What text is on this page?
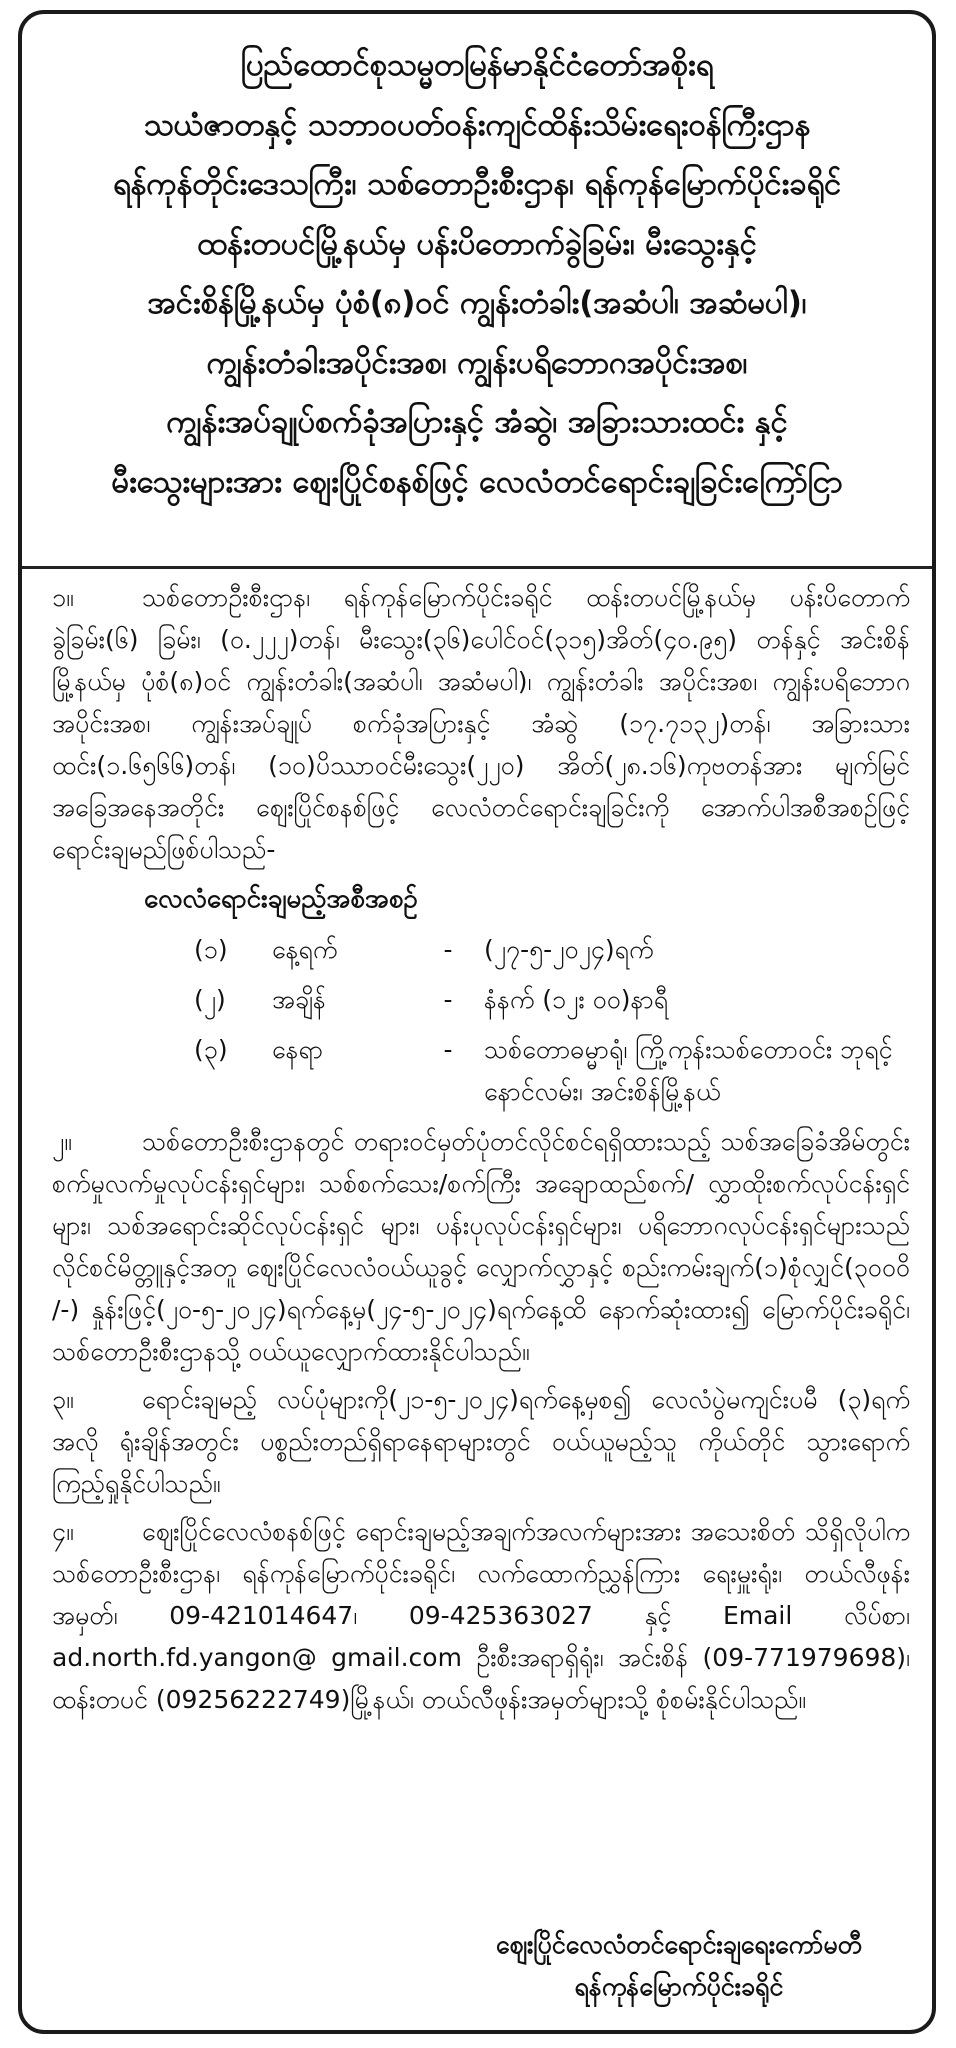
ပြည်ထောင်စုသမ္မတမြန်မာနိုင်ငံတော်အစိုးရ
သယံဇာတနှင့် သဘာဝပတ်ဝန်းကျင်ထိန်းသိမ်းရေးဝန်ကြီးဌာန
ရန်ကုန်တိုင်းဒေသကြီး၊ သစ်တောဦးစီးဌာန၊ ရန်ကုန်မြောက်ပိုင်းခရိုင်
ထန်းတပင်မြို့နယ်မှ ပန်းပိတောက်ခွဲခြမ်း၊ မီးသွေးနှင့်
အင်းစိန်မြို့နယ်မှ ပုံစံ(၈)ဝင် ကျွန်းတံခါး(အဆံပါ၊ အဆံမပါ)၊
ကျွန်းတံခါးအပိုင်းအစ၊ ကျွန်းပရိဘောဂအပိုင်းအစ၊
ကျွန်းအပ်ချုပ်စက်ခုံအပြားနှင့် အံဆွဲ၊ အခြားသားထင်း နှင့်
မီးသွေးများအား ဈေးပြိုင်စနစ်ဖြင့် လေလံတင်ရောင်းချခြင်းကြော်ငြာ
၁။	သစ်တောဦးစီးဌာန၊ ရန်ကုန်မြောက်ပိုင်းခရိုင် ထန်းတပင်မြို့နယ်မှ ပန်းပိတောက် ခွဲခြမ်း(၆) ခြမ်း၊ (၀.၂၂၂)တန်၊ မီးသွေး(၃၆)ပေါင်ဝင်(၃၁၅)အိတ်(၄၀.၉၅) တန်နှင့် အင်းစိန်မြို့နယ်မှ ပုံစံ(၈)ဝင် ကျွန်းတံခါး(အဆံပါ၊ အဆံမပါ)၊ ကျွန်းတံခါး အပိုင်းအစ၊ ကျွန်းပရိဘောဂအပိုင်းအစ၊ ကျွန်းအပ်ချုပ် စက်ခုံအပြားနှင့် အံဆွဲ (၁၇.၇၁၃၂)တန်၊ အခြားသားထင်း(၁.၆၅၆၆)တန်၊ (၁၀)ပိဿာဝင်မီးသွေး(၂၂၀) အိတ်(၂၈.၁၆)ကုဗတန်အား မျက်မြင်အခြေအနေအတိုင်း ဈေးပြိုင်စနစ်ဖြင့် လေလံတင်ရောင်းချခြင်းကို အောက်ပါအစီအစဉ်ဖြင့် ရောင်းချမည်ဖြစ်ပါသည်-
လေလံရောင်းချမည့်အစီအစဉ်
(၁)	နေ့ရက်	-	(၂၇-၅-၂၀၂၄)ရက်
(၂)	အချိန်	-	နံနက် (၁၂း ၀၀)နာရီ
(၃)	နေရာ	-	သစ်တောဓမ္မာရုံ၊ ကြို့ကုန်းသစ်တောဝင်း ဘုရင့်နောင်လမ်း၊ အင်းစိန်မြို့နယ်
၂။	သစ်တောဦးစီးဌာနတွင် တရားဝင်မှတ်ပုံတင်လိုင်စင်ရရှိထားသည့် သစ်အခြေခံအိမ်တွင်း စက်မှုလက်မှုလုပ်ငန်းရှင်များ၊ သစ်စက်သေး/စက်ကြီး အချောထည်စက်/ လွှာထိုးစက်လုပ်ငန်းရှင်များ၊ သစ်အရောင်းဆိုင်လုပ်ငန်းရှင် များ၊ ပန်းပုလုပ်ငန်းရှင်များ၊ ပရိဘောဂလုပ်ငန်းရှင်များသည် လိုင်စင်မိတ္တူနှင့်အတူ ဈေးပြိုင်လေလံဝယ်ယူခွင့် လျှောက်လွှာနှင့် စည်းကမ်းချက်(၁)စုံလျှင်(၃၀၀၀ိ /-) နှုန်းဖြင့်(၂၀-၅-၂၀၂၄)ရက်နေ့မှ(၂၄-၅-၂၀၂၄)ရက်နေ့ထိ နောက်ဆုံးထား၍ မြောက်ပိုင်းခရိုင်၊ သစ်တောဦးစီးဌာနသို့ ဝယ်ယူလျှောက်ထားနိုင်ပါသည်။
၃။	ရောင်းချမည့် လပ်ပုံများကို(၂၁-၅-၂၀၂၄)ရက်နေ့မှစ၍ လေလံပွဲမကျင်းပမီ (၃)ရက်အလို ရုံးချိန်အတွင်း ပစ္စည်းတည်ရှိရာနေရာများတွင် ဝယ်ယူမည့်သူ ကိုယ်တိုင် သွားရောက်ကြည့်ရှုနိုင်ပါသည်။
၄။	ဈေးပြိုင်လေလံစနစ်ဖြင့် ရောင်းချမည့်အချက်အလက်များအား အသေးစိတ် သိရှိလိုပါက သစ်တောဦးစီးဌာန၊ ရန်ကုန်မြောက်ပိုင်းခရိုင်၊ လက်ထောက်ညွှန်ကြား ရေးမှူးရုံး၊ တယ်လီဖုန်းအမှတ်၊ 09-421014647၊ 09-425363027 နှင့် Email လိပ်စာ၊ ad.north.fd.yangon@ gmail.com ဦးစီးအရာရှိရုံး၊ အင်းစိန် (09-771979698)၊ ထန်းတပင် (09256222749)မြို့နယ်၊ တယ်လီဖုန်းအမှတ်များသို့ စုံစမ်းနိုင်ပါသည်။
ဈေးပြိုင်လေလံတင်ရောင်းချရေးကော်မတီ
ရန်ကုန်မြောက်ပိုင်းခရိုင်
